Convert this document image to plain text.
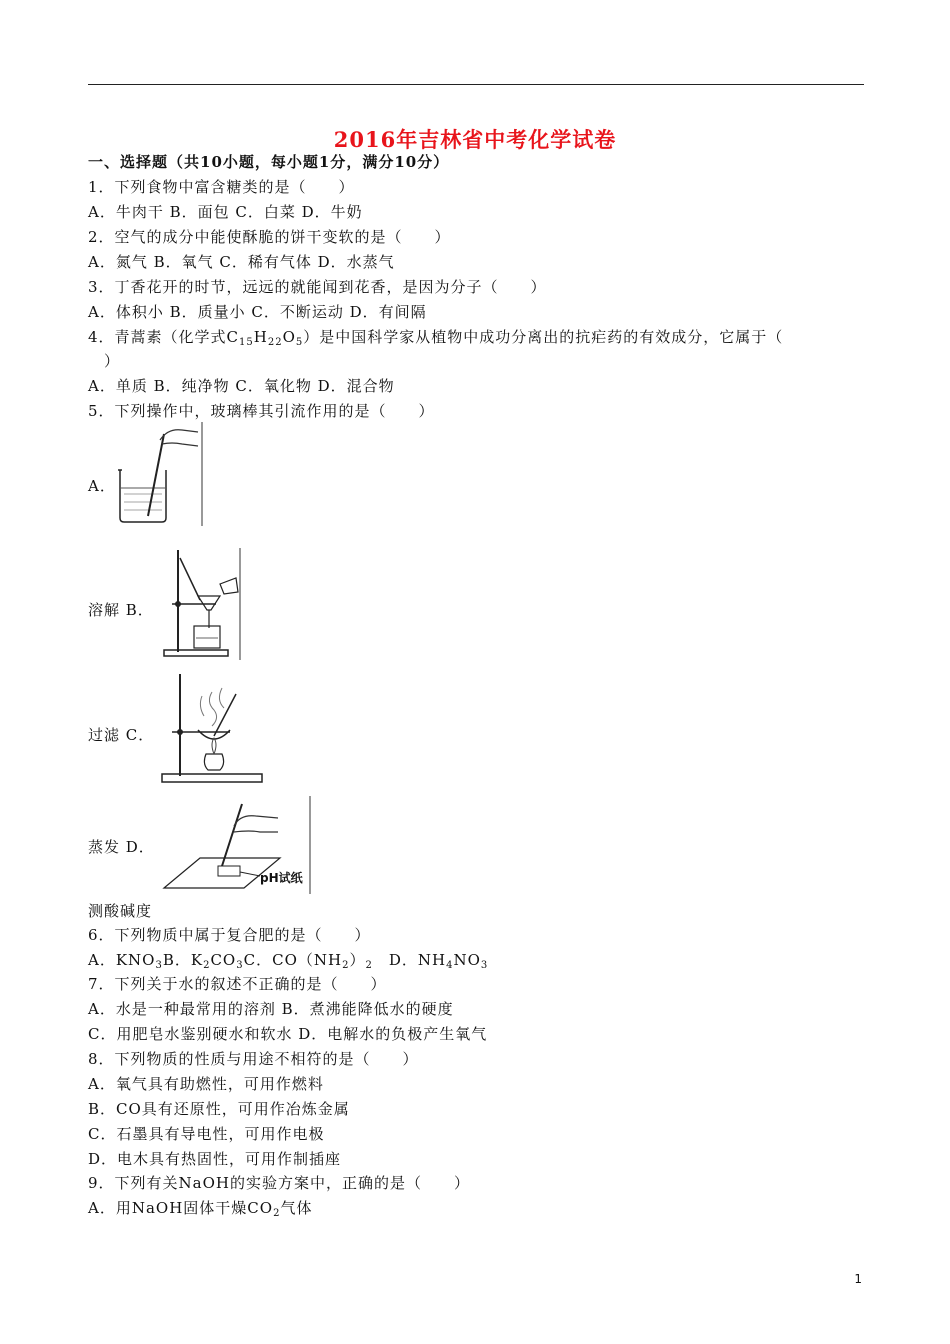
2016年吉林省中考化学试卷
一、选择题（共10小题，每小题1分，满分10分）
1．下列食物中富含糖类的是（　　）
A．牛肉干 B．面包 C．白菜 D．牛奶
2．空气的成分中能使酥脆的饼干变软的是（　　）
A．氮气 B．氧气 C．稀有气体 D．水蒸气
3．丁香花开的时节，远远的就能闻到花香，是因为分子（　　）
A．体积小 B．质量小 C．不断运动 D．有间隔
4．青蒿素（化学式$C_{15}H_{22}O_5$）是中国科学家从植物中成功分离出的抗疟药的有效成分，它属于（
　）
A．单质 B．纯净物 C．氧化物 D．混合物
5．下列操作中，玻璃棒其引流作用的是（　　）
A．
溶解 B．
过滤 C．
pH试纸
蒸发 D．
测酸碱度
6．下列物质中属于复合肥的是（　　）
A．$KNO_3B$．$K_2CO_3C$．$CO(NH_2)_2$　 D．$NH_4NO_3$
7．下列关于水的叙述不正确的是（　　）
A．水是一种最常用的溶剂 B．煮沸能降低水的硬度
C．用肥皂水鉴别硬水和软水 D．电解水的负极产生氧气
8．下列物质的性质与用途不相符的是（　　）
A．氧气具有助燃性，可用作燃料
B．CO具有还原性，可用作冶炼金属
C．石墨具有导电性，可用作电极
D．电木具有热固性，可用作制插座
9．下列有关NaOH的实验方案中，正确的是（　　）
A．用NaOH固体干燥$CO_2$气体
1
